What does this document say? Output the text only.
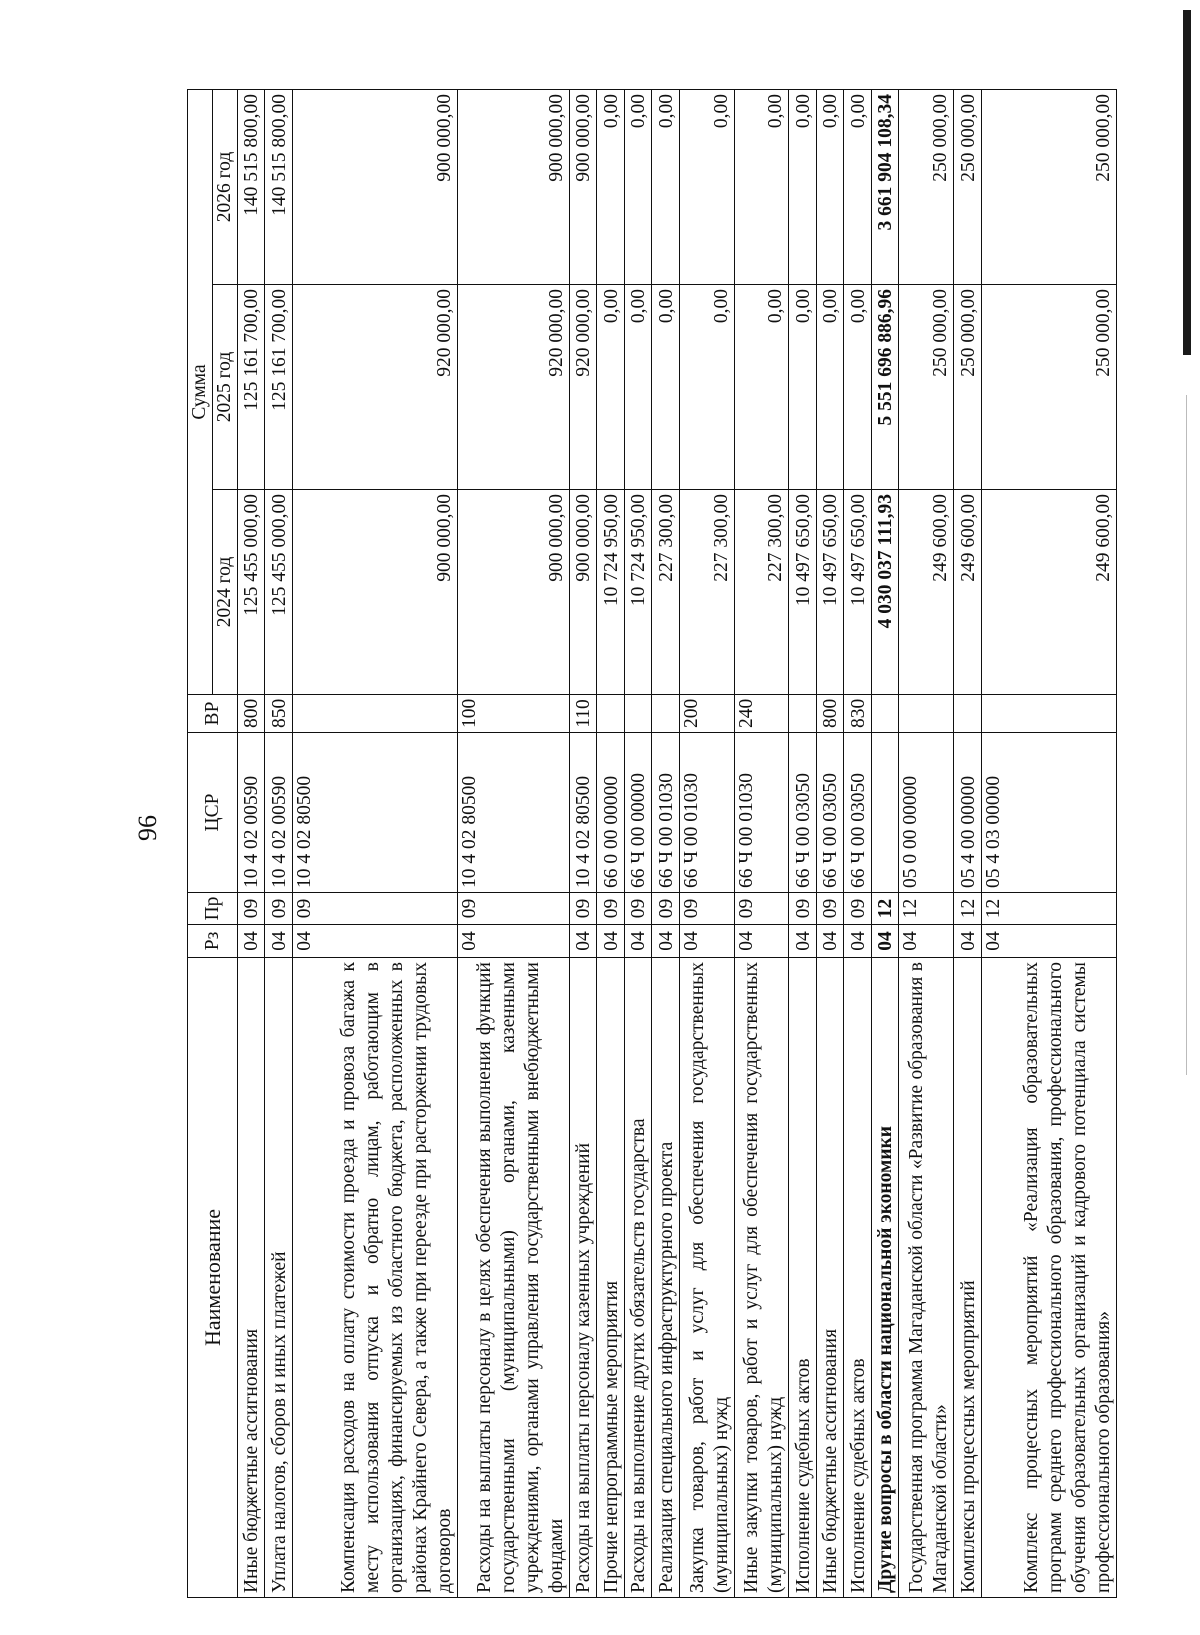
96
Наименование	Рз	Пр	ЦСР	ВР	Сумма		
					2024 год	2025 год	2026 год
Иные бюджетные ассигнования	04	09	10 4 02 00590	800	125 455 000,00	125 161 700,00	140 515 800,00
Уплата налогов, сборов и иных платежей	04	09	10 4 02 00590	850	125 455 000,00	125 161 700,00	140 515 800,00
Компенсация расходов на оплату стоимости проезда и провоза багажа к месту использования отпуска и обратно лицам, работающим в организациях, финансируемых из областного бюджета, расположенных в районах Крайнего Севера, а также при переезде при расторжении трудовых договоров	04	09	10 4 02 80500		900 000,00	920 000,00	900 000,00
Расходы на выплаты персоналу в целях обеспечения выполнения функций государственными (муниципальными) органами, казенными учреждениями, органами управления государственными внебюджетными фондами	04	09	10 4 02 80500	100	900 000,00	920 000,00	900 000,00
Расходы на выплаты персоналу казенных учреждений	04	09	10 4 02 80500	110	900 000,00	920 000,00	900 000,00
Прочие непрограммные мероприятия	04	09	66 0 00 00000		10 724 950,00	0,00	0,00
Расходы на выполнение других обязательств государства	04	09	66 Ч 00 00000		10 724 950,00	0,00	0,00
Реализация специального инфраструктурного проекта	04	09	66 Ч 00 01030		227 300,00	0,00	0,00
Закупка товаров, работ и услуг для обеспечения государственных (муниципальных) нужд	04	09	66 Ч 00 01030	200	227 300,00	0,00	0,00
Иные закупки товаров, работ и услуг для обеспечения государственных (муниципальных) нужд	04	09	66 Ч 00 01030	240	227 300,00	0,00	0,00
Исполнение судебных актов	04	09	66 Ч 00 03050		10 497 650,00	0,00	0,00
Иные бюджетные ассигнования	04	09	66 Ч 00 03050	800	10 497 650,00	0,00	0,00
Исполнение судебных актов	04	09	66 Ч 00 03050	830	10 497 650,00	0,00	0,00
Другие вопросы в области национальной экономики	04	12			4 030 037 111,93	5 551 696 886,96	3 661 904 108,34
Государственная программа Магаданской области «Развитие образования в Магаданской области»	04	12	05 0 00 00000		249 600,00	250 000,00	250 000,00
Комплексы процессных мероприятий	04	12	05 4 00 00000		249 600,00	250 000,00	250 000,00
Комплекс процессных мероприятий «Реализация образовательных программ среднего профессионального образования, профессионального обучения образовательных организаций и кадрового потенциала системы профессионального образования»	04	12	05 4 03 00000		249 600,00	250 000,00	250 000,00
